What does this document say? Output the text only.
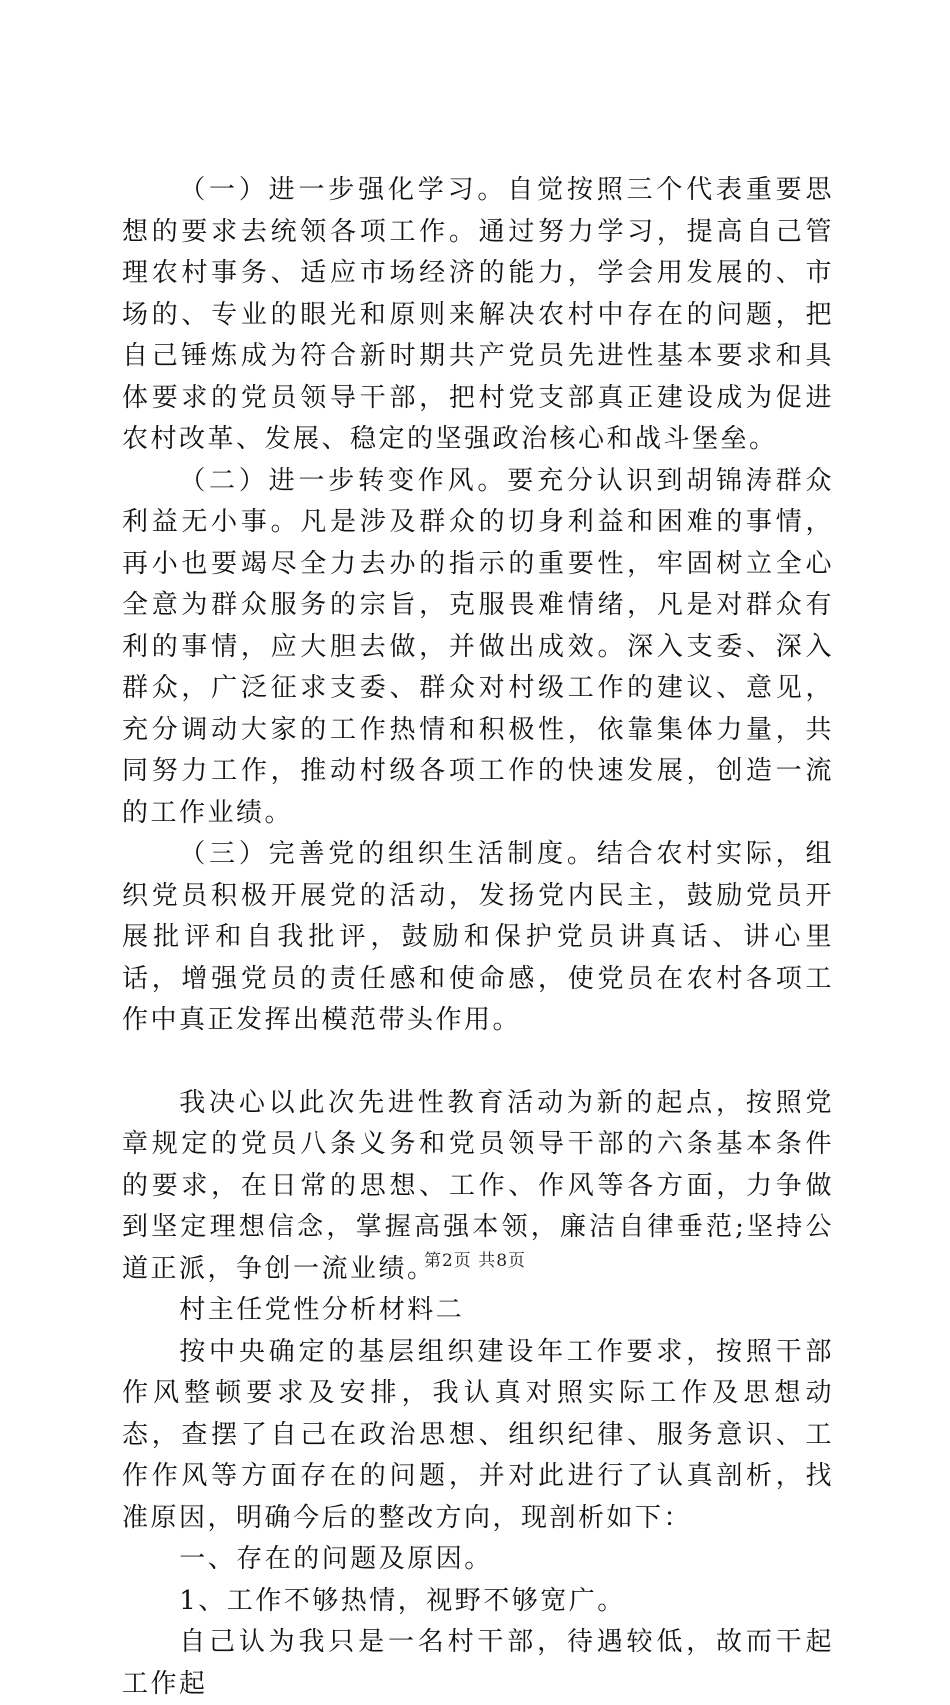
（一）进一步强化学习。自觉按照三个代表重要思想的要求去统领各项工作。通过努力学习，提高自己管理农村事务、适应市场经济的能力，学会用发展的、市场的、专业的眼光和原则来解决农村中存在的问题，把自己锤炼成为符合新时期共产党员先进性基本要求和具体要求的党员领导干部，把村党支部真正建设成为促进农村改革、发展、稳定的坚强政治核心和战斗堡垒。

（二）进一步转变作风。要充分认识到胡锦涛群众利益无小事。凡是涉及群众的切身利益和困难的事情，再小也要竭尽全力去办的指示的重要性，牢固树立全心全意为群众服务的宗旨，克服畏难情绪，凡是对群众有利的事情，应大胆去做，并做出成效。深入支委、深入群众，广泛征求支委、群众对村级工作的建议、意见，充分调动大家的工作热情和积极性，依靠集体力量，共同努力工作，推动村级各项工作的快速发展，创造一流的工作业绩。

（三）完善党的组织生活制度。结合农村实际，组织党员积极开展党的活动，发扬党内民主，鼓励党员开展批评和自我批评，鼓励和保护党员讲真话、讲心里话，增强党员的责任感和使命感，使党员在农村各项工作中真正发挥出模范带头作用。

我决心以此次先进性教育活动为新的起点，按照党章规定的党员八条义务和党员领导干部的六条基本条件的要求，在日常的思想、工作、作风等各方面，力争做到坚定理想信念，掌握高强本领，廉洁自律垂范;坚持公道正派，争创一流业绩。

村主任党性分析材料二

按中央确定的基层组织建设年工作要求，按照干部作风整顿要求及安排，我认真对照实际工作及思想动态，查摆了自己在政治思想、组织纪律、服务意识、工作作风等方面存在的问题，并对此进行了认真剖析，找准原因，明确今后的整改方向，现剖析如下：

一、存在的问题及原因。

1、工作不够热情，视野不够宽广。

自己认为我只是一名村干部，待遇较低，故而干起工作起

第2页 共8页
